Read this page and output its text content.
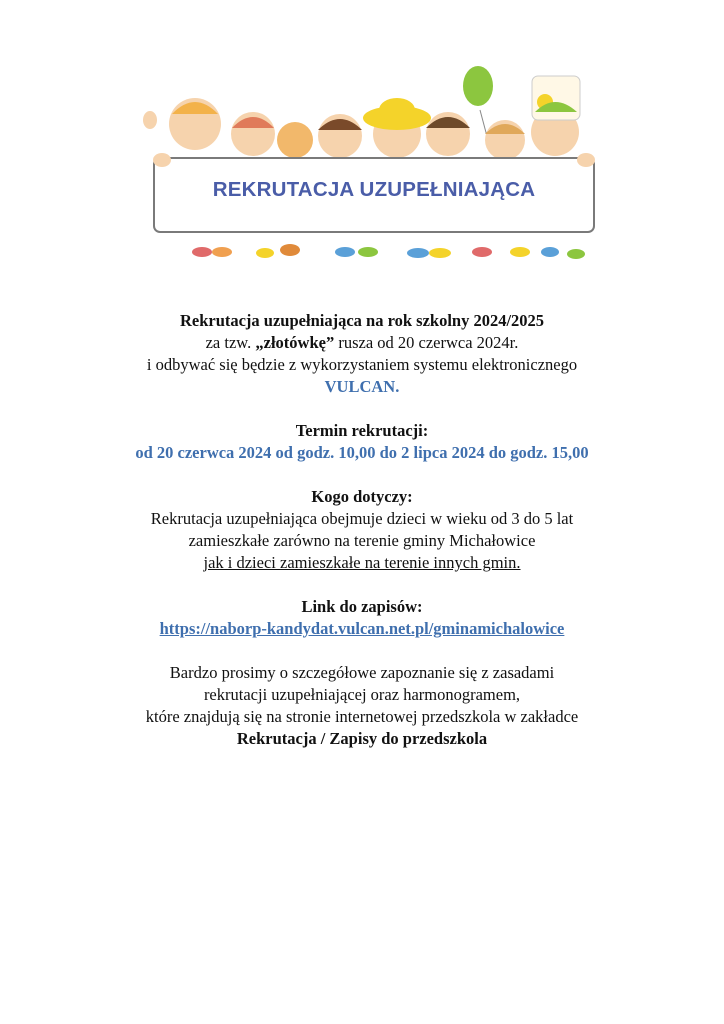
REKRUTACJA UZUPEŁNIAJĄCA

Rekrutacja uzupełniająca na rok szkolny 2024/2025

za tzw. „złotówkę” rusza od 20 czerwca 2024r.

i odbywać się będzie z wykorzystaniem systemu elektronicznego

VULCAN.

Termin rekrutacji:

od 20 czerwca 2024 od godz. 10,00 do 2 lipca 2024 do godz. 15,00

Kogo dotyczy:

Rekrutacja uzupełniająca obejmuje dzieci w wieku od 3 do 5 lat

zamieszkałe zarówno na terenie gminy Michałowice

jak i dzieci zamieszkałe na terenie innych gmin.

Link do zapisów:

https://naborp-kandydat.vulcan.net.pl/gminamichalowice

Bardzo prosimy o szczegółowe zapoznanie się z zasadami

rekrutacji uzupełniającej oraz harmonogramem,

które znajdują się na stronie internetowej przedszkola w zakładce

Rekrutacja / Zapisy do przedszkola
